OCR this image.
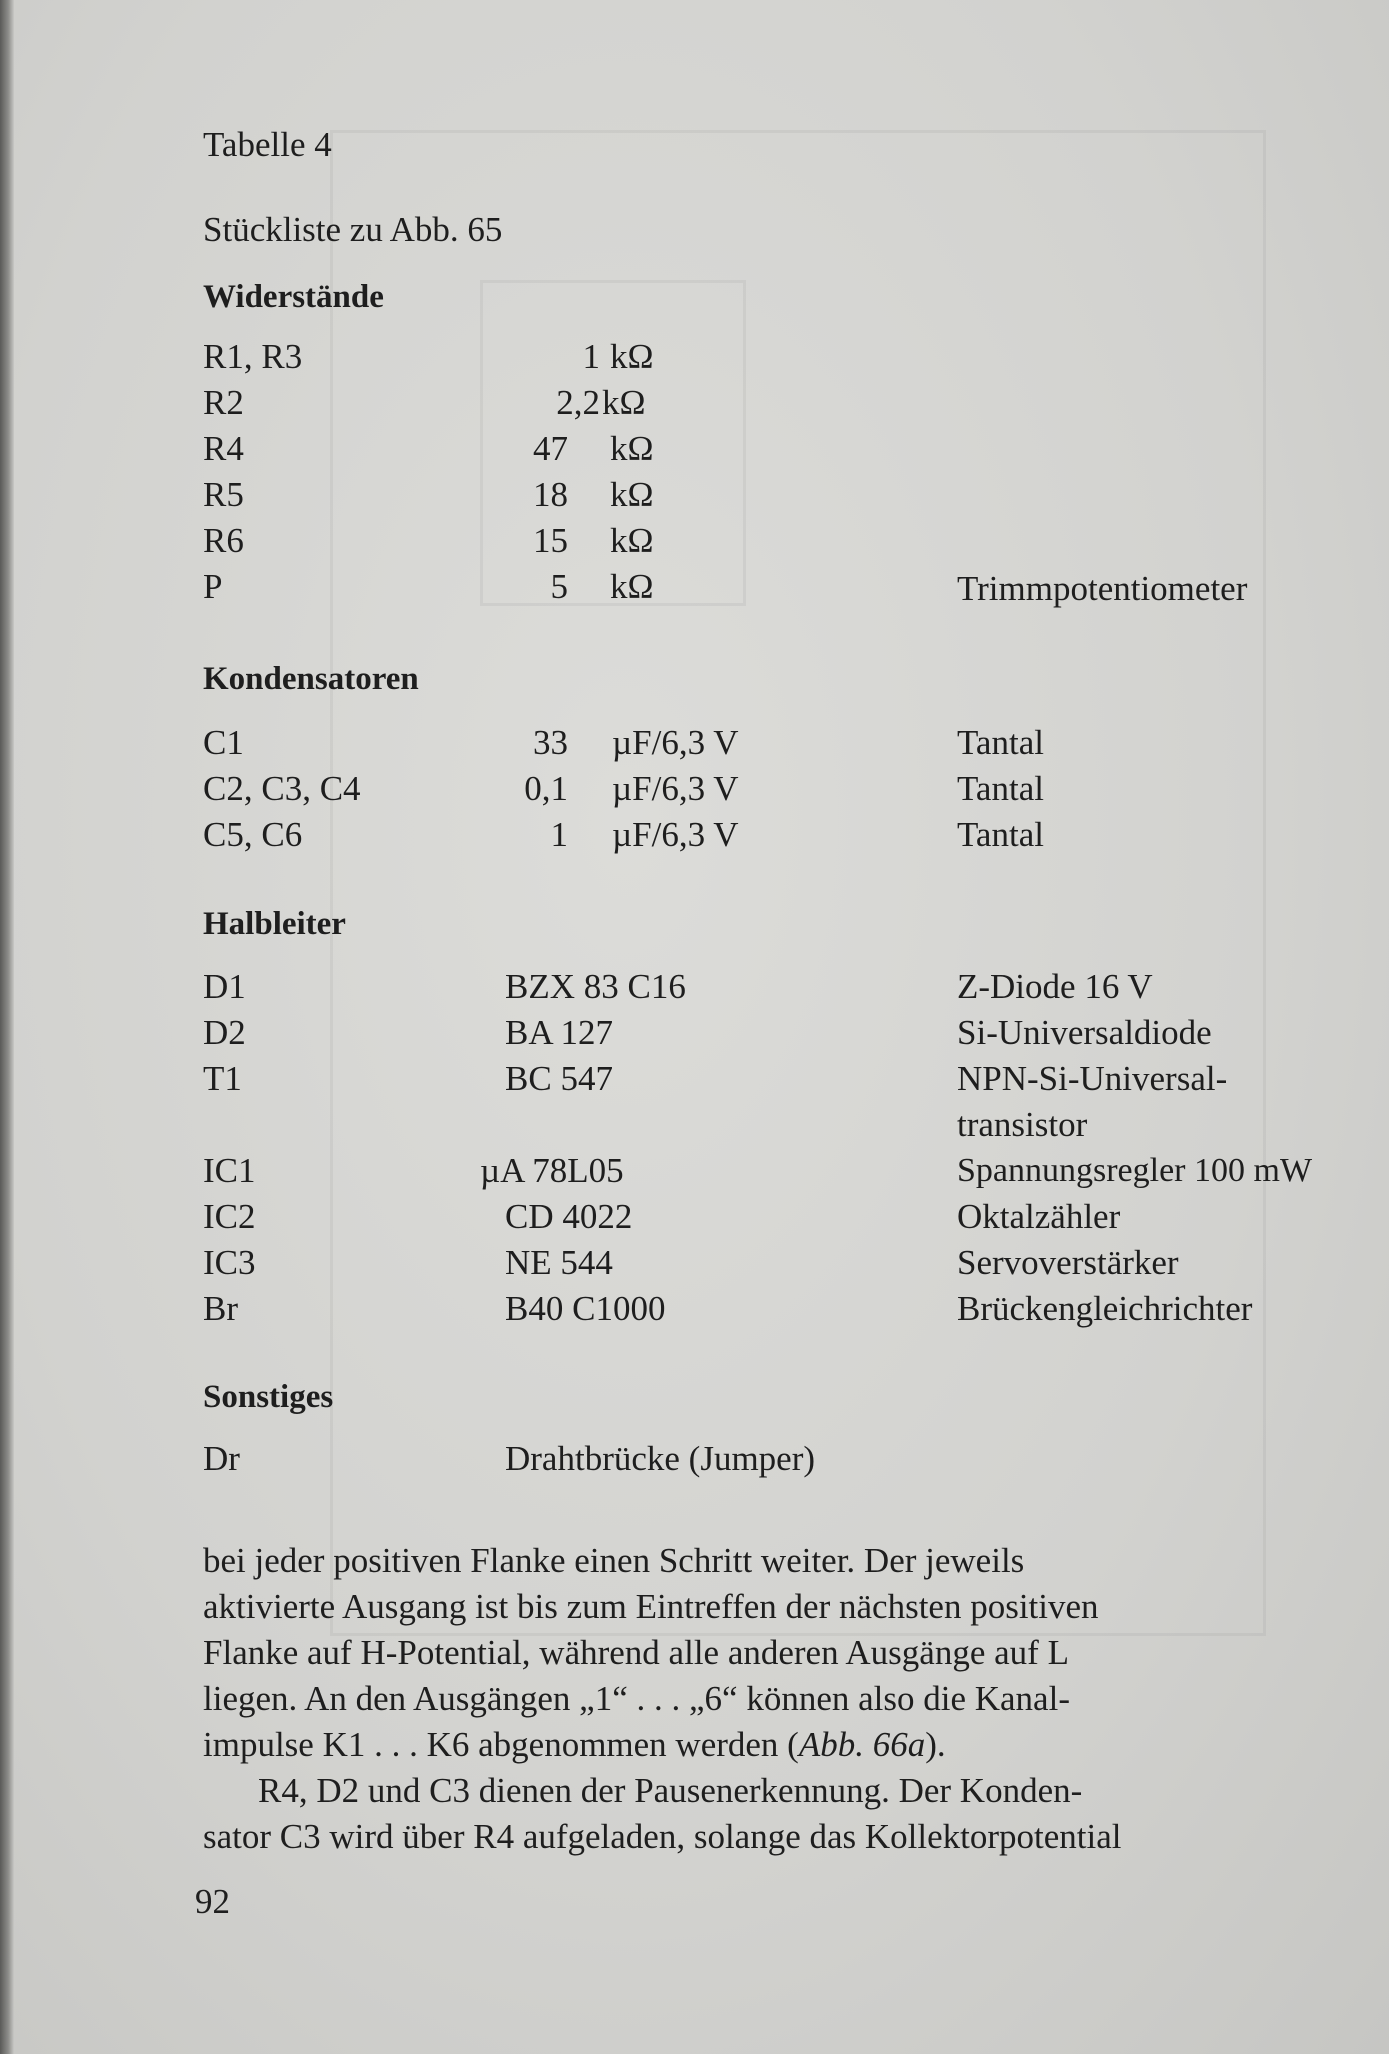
Tabelle 4
Stückliste zu Abb. 65
Widerstände
R1, R3	1 kΩ
R2	2,2 kΩ
R4	47 kΩ
R5	18 kΩ
R6	15 kΩ
P	5 kΩ	Trimmpotentiometer
Kondensatoren
C1	33 µF/6,3 V	Tantal
C2, C3, C4	0,1 µF/6,3 V	Tantal
C5, C6	1 µF/6,3 V	Tantal
Halbleiter
D1	BZX 83 C16	Z-Diode 16 V
D2	BA 127	Si-Universaldiode
T1	BC 547	NPN-Si-Universal-
transistor
IC1	µA 78L05	Spannungsregler 100 mW
IC2	CD 4022	Oktalzähler
IC3	NE 544	Servoverstärker
Br	B40 C1000	Brückengleichrichter
Sonstiges
Dr	Drahtbrücke (Jumper)
bei jeder positiven Flanke einen Schritt weiter. Der jeweils
aktivierte Ausgang ist bis zum Eintreffen der nächsten positiven
Flanke auf H-Potential, während alle anderen Ausgänge auf L
liegen. An den Ausgängen „1“ . . . „6“ können also die Kanal-
impulse K1 . . . K6 abgenommen werden (Abb. 66a).
R4, D2 und C3 dienen der Pausenerkennung. Der Konden-
sator C3 wird über R4 aufgeladen, solange das Kollektorpotential
92
